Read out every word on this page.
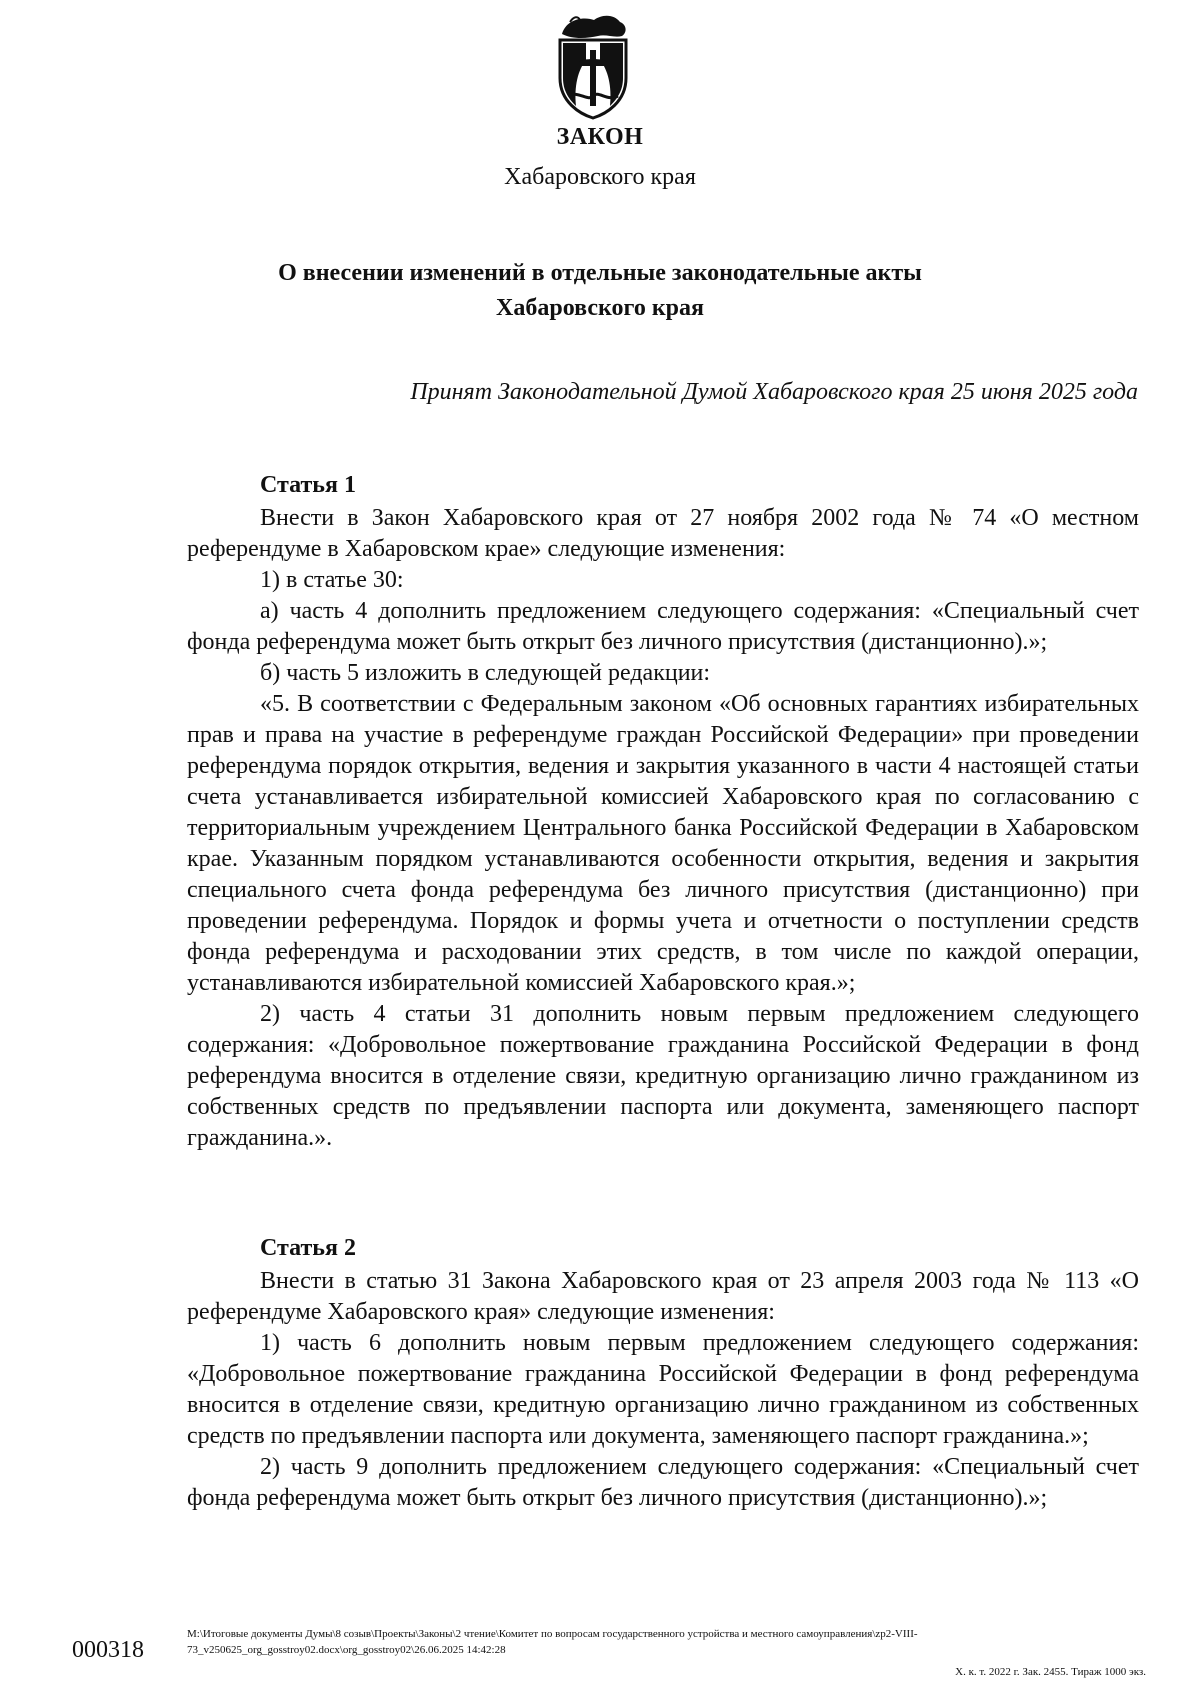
ЗАКОН
Хабаровского края
О внесении изменений в отдельные законодательные акты
Хабаровского края
Принят Законодательной Думой Хабаровского края 25 июня 2025 года
Статья 1

Внести в Закон Хабаровского края от 27 ноября 2002 года № 74 «О местном референдуме в Хабаровском крае» следующие изменения:

1) в статье 30:

а) часть 4 дополнить предложением следующего содержания: «Специальный счет фонда референдума может быть открыт без личного присутствия (дистанционно).»;

б) часть 5 изложить в следующей редакции:

«5. В соответствии с Федеральным законом «Об основных гарантиях избирательных прав и права на участие в референдуме граждан Российской Федерации» при проведении референдума порядок открытия, ведения и закрытия указанного в части 4 настоящей статьи счета устанавливается избирательной комиссией Хабаровского края по согласованию с территориальным учреждением Центрального банка Российской Федерации в Хабаровском крае. Указанным порядком устанавливаются особенности открытия, ведения и закрытия специального счета фонда референдума без личного присутствия (дистанционно) при проведении референдума. Порядок и формы учета и отчетности о поступлении средств фонда референдума и расходовании этих средств, в том числе по каждой операции, устанавливаются избирательной комиссией Хабаровского края.»;

2) часть 4 статьи 31 дополнить новым первым предложением следующего содержания: «Добровольное пожертвование гражданина Российской Федерации в фонд референдума вносится в отделение связи, кредитную организацию лично гражданином из собственных средств по предъявлении паспорта или документа, заменяющего паспорт гражданина.».

Статья 2

Внести в статью 31 Закона Хабаровского края от 23 апреля 2003 года № 113 «О референдуме Хабаровского края» следующие изменения:

1) часть 6 дополнить новым первым предложением следующего содержания: «Добровольное пожертвование гражданина Российской Федерации в фонд референдума вносится в отделение связи, кредитную организацию лично гражданином из собственных средств по предъявлении паспорта или документа, заменяющего паспорт гражданина.»;

2) часть 9 дополнить предложением следующего содержания: «Специальный счет фонда референдума может быть открыт без личного присутствия (дистанционно).»;

000318
M:\Итоговые документы Думы\8 созыв\Проекты\Законы\2 чтение\Комитет по вопросам государственного устройства и местного самоуправления\zp2-VIII-73_v250625_org_gosstroy02.docx\org_gosstroy02\26.06.2025 14:42:28
Х. к. т. 2022 г. Зак. 2455. Тираж 1000 экз.
